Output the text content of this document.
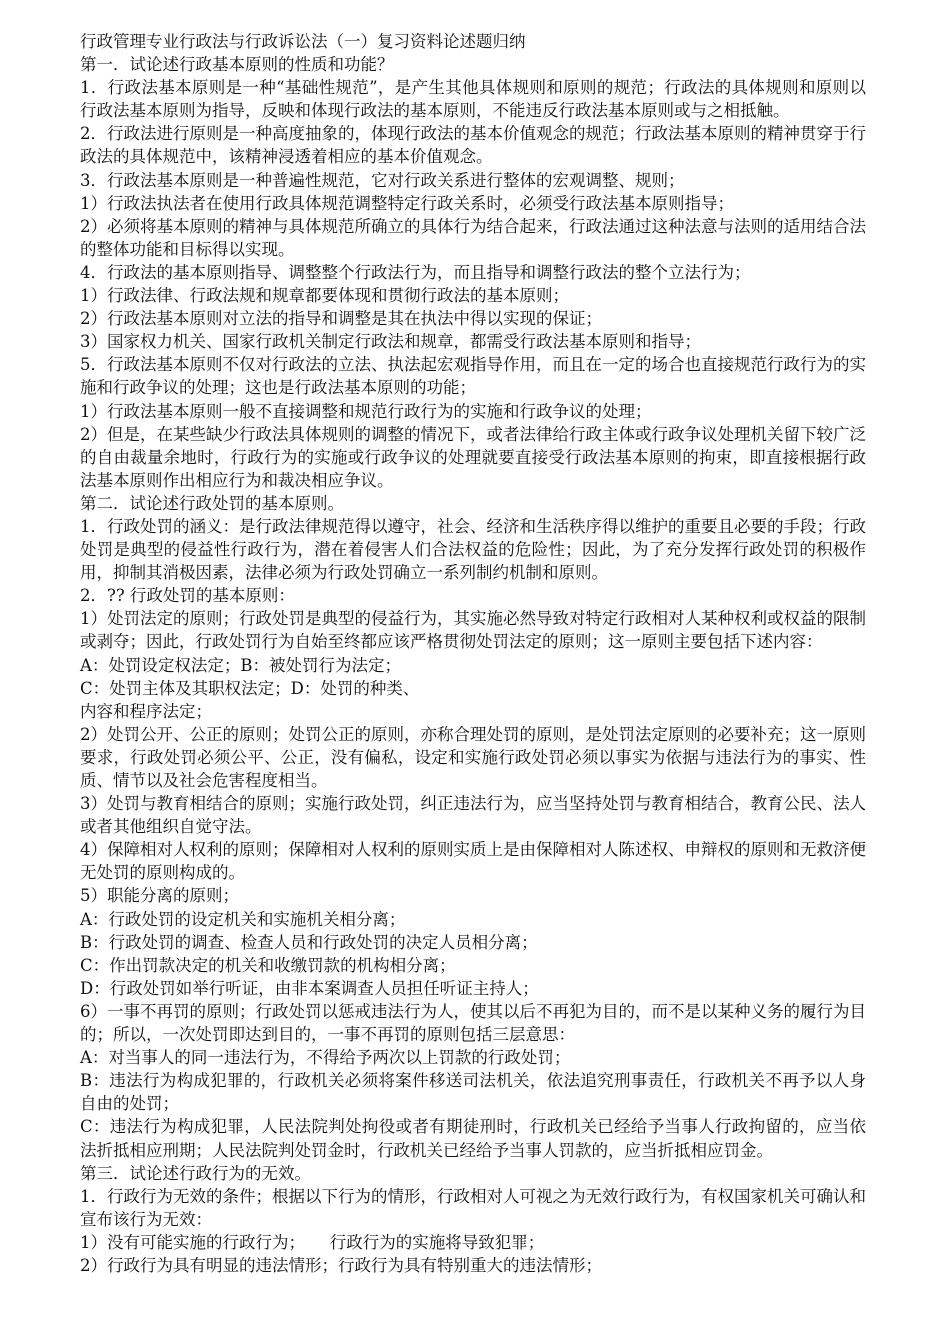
行政管理专业行政法与行政诉讼法（一）复习资料论述题归纳

第一．试论述行政基本原则的性质和功能？

1．行政法基本原则是一种“基础性规范”，是产生其他具体规则和原则的规范；行政法的具体规则和原则以行政法基本原则为指导，反映和体现行政法的基本原则，不能违反行政法基本原则或与之相抵触。

2．行政法进行原则是一种高度抽象的，体现行政法的基本价值观念的规范；行政法基本原则的精神贯穿于行政法的具体规范中，该精神浸透着相应的基本价值观念。

3．行政法基本原则是一种普遍性规范，它对行政关系进行整体的宏观调整、规则；

1）行政法执法者在使用行政具体规范调整特定行政关系时，必须受行政法基本原则指导；

2）必须将基本原则的精神与具体规范所确立的具体行为结合起来，行政法通过这种法意与法则的适用结合法的整体功能和目标得以实现。

4．行政法的基本原则指导、调整整个行政法行为，而且指导和调整行政法的整个立法行为；

1）行政法律、行政法规和规章都要体现和贯彻行政法的基本原则；

2）行政法基本原则对立法的指导和调整是其在执法中得以实现的保证；

3）国家权力机关、国家行政机关制定行政法和规章，都需受行政法基本原则和指导；

5．行政法基本原则不仅对行政法的立法、执法起宏观指导作用，而且在一定的场合也直接规范行政行为的实施和行政争议的处理；这也是行政法基本原则的功能；

1）行政法基本原则一般不直接调整和规范行政行为的实施和行政争议的处理；

2）但是，在某些缺少行政法具体规则的调整的情况下，或者法律给行政主体或行政争议处理机关留下较广泛的自由裁量余地时，行政行为的实施或行政争议的处理就要直接受行政法基本原则的拘束，即直接根据行政法基本原则作出相应行为和裁决相应争议。

第二．试论述行政处罚的基本原则。

1．行政处罚的涵义：是行政法律规范得以遵守，社会、经济和生活秩序得以维护的重要且必要的手段；行政处罚是典型的侵益性行政行为，潜在着侵害人们合法权益的危险性；因此，为了充分发挥行政处罚的积极作用，抑制其消极因素，法律必须为行政处罚确立一系列制约机制和原则。

2．?? 行政处罚的基本原则：

1）处罚法定的原则；行政处罚是典型的侵益行为，其实施必然导致对特定行政相对人某种权利或权益的限制或剥夺；因此，行政处罚行为自始至终都应该严格贯彻处罚法定的原则；这一原则主要包括下述内容：

A：处罚设定权法定；B：被处罚行为法定；

C：处罚主体及其职权法定；D：处罚的种类、

内容和程序法定；

2）处罚公开、公正的原则；处罚公正的原则，亦称合理处罚的原则，是处罚法定原则的必要补充；这一原则要求，行政处罚必须公平、公正，没有偏私，设定和实施行政处罚必须以事实为依据与违法行为的事实、性质、情节以及社会危害程度相当。

3）处罚与教育相结合的原则；实施行政处罚，纠正违法行为，应当坚持处罚与教育相结合，教育公民、法人或者其他组织自觉守法。

4）保障相对人权利的原则；保障相对人权利的原则实质上是由保障相对人陈述权、申辩权的原则和无救济便无处罚的原则构成的。

5）职能分离的原则；

A：行政处罚的设定机关和实施机关相分离；

B：行政处罚的调查、检查人员和行政处罚的决定人员相分离；

C：作出罚款决定的机关和收缴罚款的机构相分离；

D：行政处罚如举行听证，由非本案调查人员担任听证主持人；

6）一事不再罚的原则；行政处罚以惩戒违法行为人，使其以后不再犯为目的，而不是以某种义务的履行为目的；所以，一次处罚即达到目的，一事不再罚的原则包括三层意思：

A：对当事人的同一违法行为，不得给予两次以上罚款的行政处罚；

B：违法行为构成犯罪的，行政机关必须将案件移送司法机关，依法追究刑事责任，行政机关不再予以人身自由的处罚；

C：违法行为构成犯罪，人民法院判处拘役或者有期徒刑时，行政机关已经给予当事人行政拘留的，应当依法折抵相应刑期；人民法院判处罚金时，行政机关已经给予当事人罚款的，应当折抵相应罚金。

第三．试论述行政行为的无效。

1．行政行为无效的条件；根据以下行为的情形，行政相对人可视之为无效行政行为，有权国家机关可确认和宣布该行为无效：

1）没有可能实施的行政行为；　　行政行为的实施将导致犯罪；

2）行政行为具有明显的违法情形；行政行为具有特别重大的违法情形；
